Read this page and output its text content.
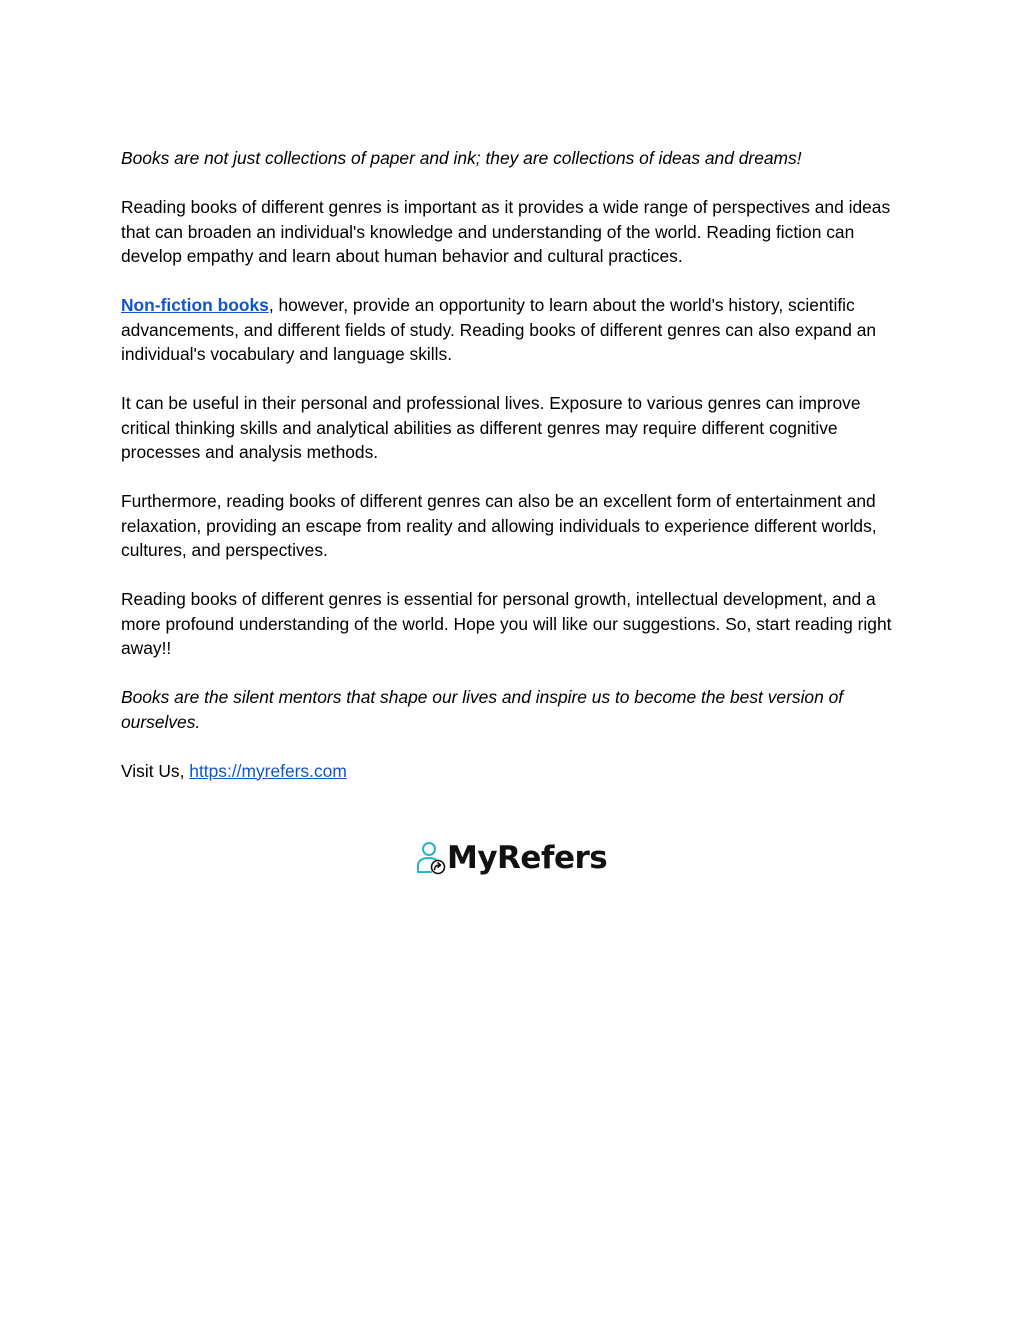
Books are not just collections of paper and ink; they are collections of ideas and dreams!

Reading books of different genres is important as it provides a wide range of perspectives and ideas that can broaden an individual's knowledge and understanding of the world. Reading fiction can develop empathy and learn about human behavior and cultural practices.

Non-fiction books, however, provide an opportunity to learn about the world's history, scientific advancements, and different fields of study. Reading books of different genres can also expand an individual's vocabulary and language skills.

It can be useful in their personal and professional lives. Exposure to various genres can improve critical thinking skills and analytical abilities as different genres may require different cognitive processes and analysis methods.

Furthermore, reading books of different genres can also be an excellent form of entertainment and relaxation, providing an escape from reality and allowing individuals to experience different worlds, cultures, and perspectives.

Reading books of different genres is essential for personal growth, intellectual development, and a more profound understanding of the world. Hope you will like our suggestions. So, start reading right away!!

Books are the silent mentors that shape our lives and inspire us to become the best version of ourselves.

Visit Us, https://myrefers.com

MyRefers
